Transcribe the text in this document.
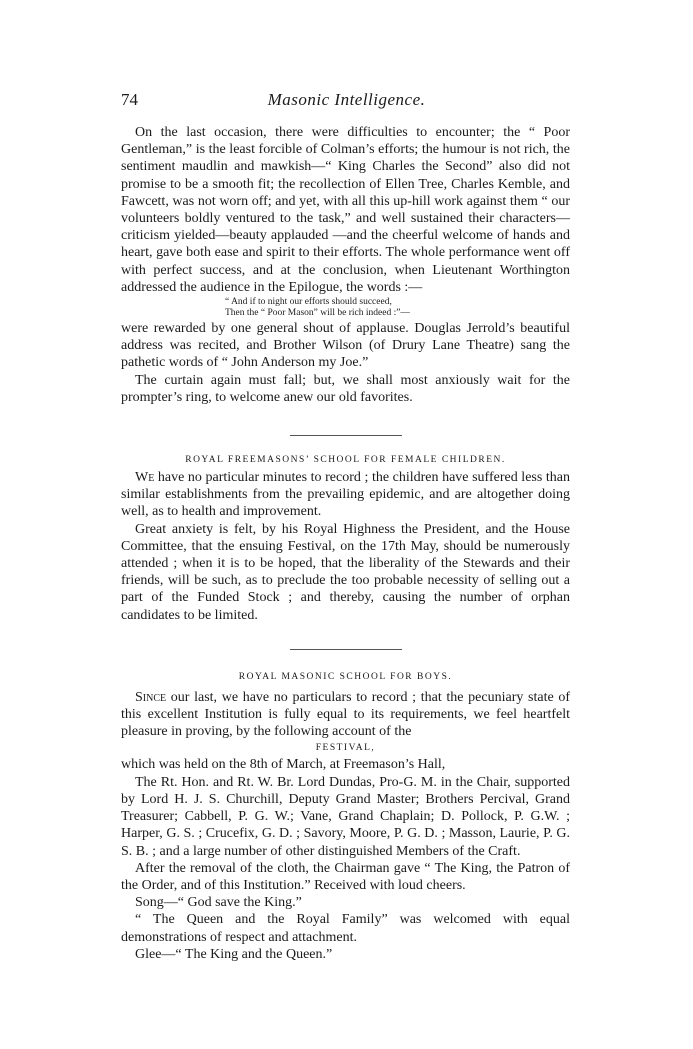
74	Masonic Intelligence.

On the last occasion, there were difficulties to encounter; the “ Poor Gentleman,” is the least forcible of Colman’s efforts; the humour is not rich, the sentiment maudlin and mawkish—“ King Charles the Second” also did not promise to be a smooth fit; the recollection of Ellen Tree, Charles Kemble, and Fawcett, was not worn off; and yet, with all this up-hill work against them “ our volunteers boldly ventured to the task,” and well sustained their characters—criticism yielded—beauty applauded —and the cheerful welcome of hands and heart, gave both ease and spirit to their efforts. The whole performance went off with perfect success, and at the conclusion, when Lieutenant Worthington addressed the audience in the Epilogue, the words :—

“ And if to night our efforts should succeed,
Then the “ Poor Mason” will be rich indeed :”—

were rewarded by one general shout of applause. Douglas Jerrold’s beautiful address was recited, and Brother Wilson (of Drury Lane Theatre) sang the pathetic words of “ John Anderson my Joe.”

The curtain again must fall; but, we shall most anxiously wait for the prompter’s ring, to welcome anew our old favorites.

ROYAL FREEMASONS’ SCHOOL FOR FEMALE CHILDREN.

We have no particular minutes to record ; the children have suffered less than similar establishments from the prevailing epidemic, and are altogether doing well, as to health and improvement.

Great anxiety is felt, by his Royal Highness the President, and the House Committee, that the ensuing Festival, on the 17th May, should be numerously attended ; when it is to be hoped, that the liberality of the Stewards and their friends, will be such, as to preclude the too probable necessity of selling out a part of the Funded Stock ; and thereby, causing the number of orphan candidates to be limited.

ROYAL MASONIC SCHOOL FOR BOYS.

Since our last, we have no particulars to record ; that the pecuniary state of this excellent Institution is fully equal to its requirements, we feel heartfelt pleasure in proving, by the following account of the

FESTIVAL,

which was held on the 8th of March, at Freemason’s Hall,

The Rt. Hon. and Rt. W. Br. Lord Dundas, Pro-G. M. in the Chair, supported by Lord H. J. S. Churchill, Deputy Grand Master; Brothers Percival, Grand Treasurer; Cabbell, P. G. W.; Vane, Grand Chaplain; D. Pollock, P. G.W. ; Harper, G. S. ; Crucefix, G. D. ; Savory, Moore, P. G. D. ; Masson, Laurie, P. G. S. B. ; and a large number of other distinguished Members of the Craft.

After the removal of the cloth, the Chairman gave “ The King, the Patron of the Order, and of this Institution.” Received with loud cheers.

Song—“ God save the King.”

“ The Queen and the Royal Family” was welcomed with equal demonstrations of respect and attachment.

Glee—“ The King and the Queen.”
